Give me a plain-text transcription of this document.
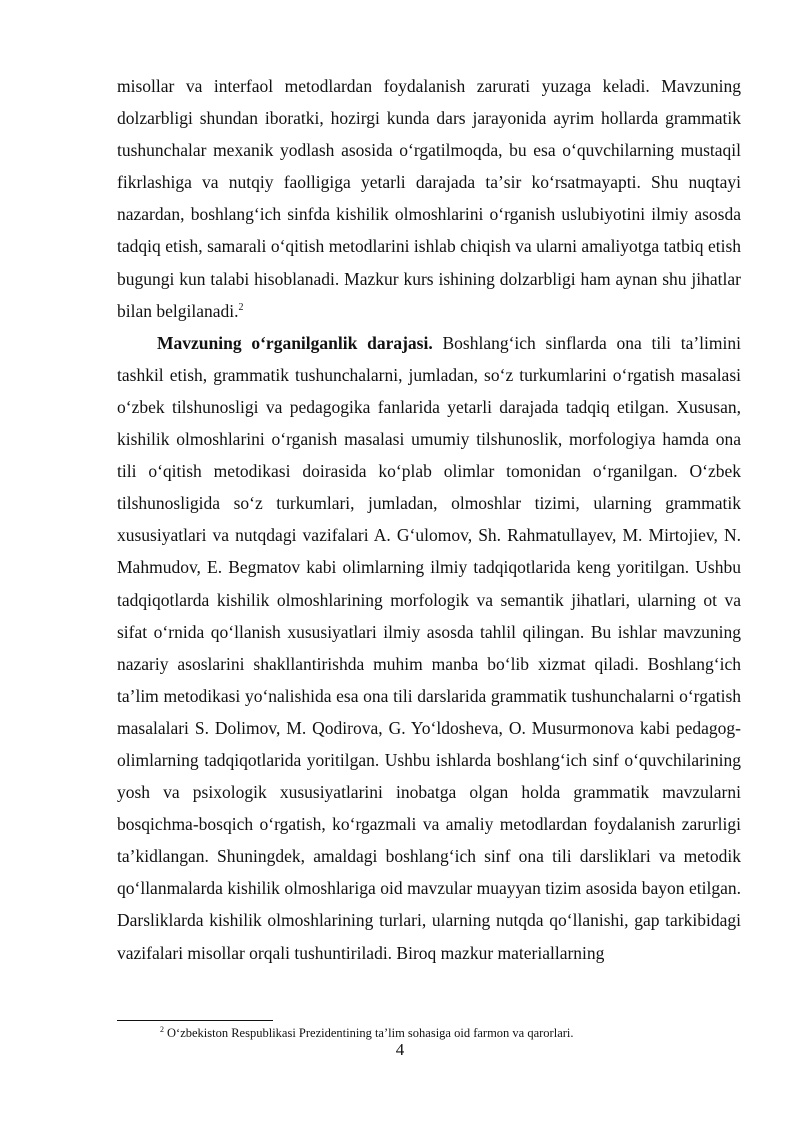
misollar va interfaol metodlardan foydalanish zarurati yuzaga keladi. Mavzuning dolzarbligi shundan iboratki, hozirgi kunda dars jarayonida ayrim hollarda grammatik tushunchalar mexanik yodlash asosida oʻrgatilmoqda, bu esa oʻquvchilarning mustaqil fikrlashiga va nutqiy faolligiga yetarli darajada taʼsir koʻrsatmayapti. Shu nuqtayi nazardan, boshlangʻich sinfda kishilik olmoshlarini oʻrganish uslubiyotini ilmiy asosda tadqiq etish, samarali oʻqitish metodlarini ishlab chiqish va ularni amaliyotga tatbiq etish bugungi kun talabi hisoblanadi. Mazkur kurs ishining dolzarbligi ham aynan shu jihatlar bilan belgilanadi.$^2$

Mavzuning oʻrganilganlik darajasi. Boshlangʻich sinflarda ona tili taʼlimini tashkil etish, grammatik tushunchalarni, jumladan, soʻz turkumlarini oʻrgatish masalasi oʻzbek tilshunosligi va pedagogika fanlarida yetarli darajada tadqiq etilgan. Xususan, kishilik olmoshlarini oʻrganish masalasi umumiy tilshunoslik, morfologiya hamda ona tili oʻqitish metodikasi doirasida koʻplab olimlar tomonidan oʻrganilgan. Oʻzbek tilshunosligida soʻz turkumlari, jumladan, olmoshlar tizimi, ularning grammatik xususiyatlari va nutqdagi vazifalari A. Gʻulomov, Sh. Rahmatullayev, M. Mirtojiev, N. Mahmudov, E. Begmatov kabi olimlarning ilmiy tadqiqotlarida keng yoritilgan. Ushbu tadqiqotlarda kishilik olmoshlarining morfologik va semantik jihatlari, ularning ot va sifat oʻrnida qoʻllanish xususiyatlari ilmiy asosda tahlil qilingan. Bu ishlar mavzuning nazariy asoslarini shakllantirishda muhim manba boʻlib xizmat qiladi. Boshlangʻich taʼlim metodikasi yoʻnalishida esa ona tili darslarida grammatik tushunchalarni oʻrgatish masalalari S. Dolimov, M. Qodirova, G. Yoʻldosheva, O. Musurmonova kabi pedagog-olimlarning tadqiqotlarida yoritilgan. Ushbu ishlarda boshlangʻich sinf oʻquvchilarining yosh va psixologik xususiyatlarini inobatga olgan holda grammatik mavzularni bosqichma-bosqich oʻrgatish, koʻrgazmali va amaliy metodlardan foydalanish zarurligi taʼkidlangan. Shuningdek, amaldagi boshlangʻich sinf ona tili darsliklari va metodik qoʻllanmalarda kishilik olmoshlariga oid mavzular muayyan tizim asosida bayon etilgan. Darsliklarda kishilik olmoshlarining turlari, ularning nutqda qoʻllanishi, gap tarkibidagi vazifalari misollar orqali tushuntiriladi. Biroq mazkur materiallarning

$^2$ Oʻzbekiston Respublikasi Prezidentining taʼlim sohasiga oid farmon va qarorlari.
4
